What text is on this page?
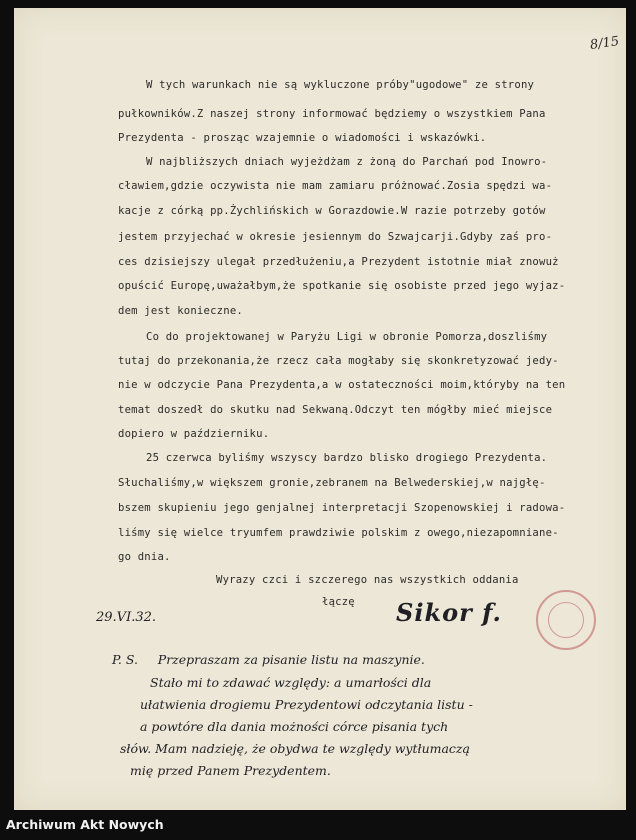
8/15
W tych warunkach nie są wykluczone próby"ugodowe" ze strony
pułkowników.Z naszej strony informować będziemy o wszystkiem Pana
Prezydenta - prosząc wzajemnie o wiadomości i wskazówki.
W najbliższych dniach wyjeżdżam z żoną do Parchań pod Inowro-
cławiem,gdzie oczywista nie mam zamiaru próżnować.Zosia spędzi wa-
kacje z córką pp.Żychlińskich w Gorazdowie.W razie potrzeby gotów
jestem przyjechać w okresie jesiennym do Szwajcarji.Gdyby zaś pro-
ces dzisiejszy ulegał przedłużeniu,a Prezydent istotnie miał znowuż
opuścić Europę,uważałbym,że spotkanie się osobiste przed jego wyjaz-
dem jest konieczne.
Co do projektowanej w Paryżu Ligi w obronie Pomorza,doszliśmy
tutaj do przekonania,że rzecz cała mogłaby się skonkretyzować jedy-
nie w odczycie Pana Prezydenta,a w ostateczności moim,któryby na ten
temat doszedł do skutku nad Sekwaną.Odczyt ten mógłby mieć miejsce
dopiero w październiku.
25 czerwca byliśmy wszyscy bardzo blisko drogiego Prezydenta.
Słuchaliśmy,w większem gronie,zebranem na Belwederskiej,w najgłę-
bszem skupieniu jego genjalnej interpretacji Szopenowskiej i radowa-
liśmy się wielce tryumfem prawdziwie polskim z owego,niezapomniane-
go dnia.
Wyrazy czci i szczerego nas wszystkich oddania
łączę
29.VI.32.	Sikor f.
P. S.     Przepraszam za pisanie listu na maszynie.
Stało mi to zdawać względy: a umarłości dla
ułatwienia drogiemu Prezydentowi odczytania listu -
a powtóre dla dania możności córce pisania tych
słów. Mam nadzieję, że obydwa te względy wytłumaczą
mię przed Panem Prezydentem.
Archiwum Akt Nowych
